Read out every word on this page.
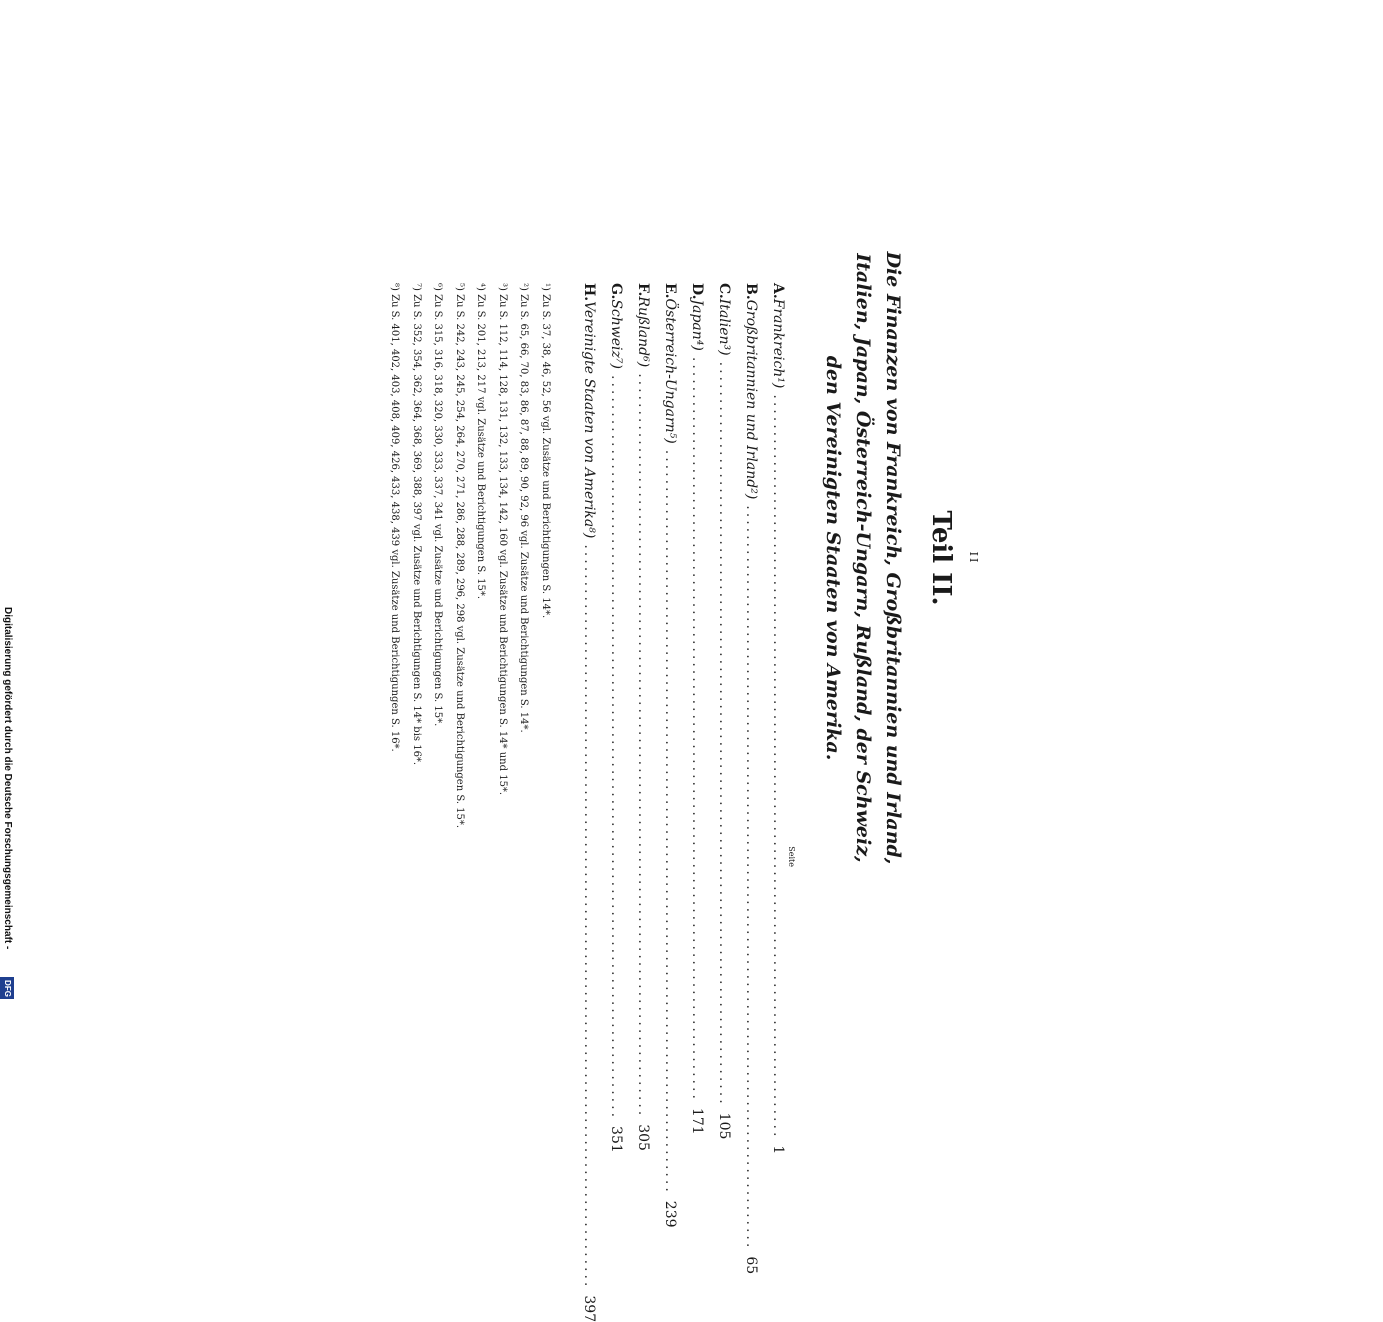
II
Teil II.
Die Finanzen von Frankreich, Großbritannien und Irland,
Italien, Japan, Österreich-Ungarn, Rußland, der Schweiz,
den Vereinigten Staaten von Amerika.
Seite
A.
Frankreich¹)
....................................................................................................
1
B.
Großbritannien und Irland²)
....................................................................................................
65
C.
Italien³)
....................................................................................................
105
D.
Japan⁴)
....................................................................................................
171
E.
Österreich-Ungarn⁵)
....................................................................................................
239
F.
Rußland⁶)
....................................................................................................
305
G.
Schweiz⁷)
....................................................................................................
351
H.
Vereinigte Staaten von Amerika⁸)
....................................................................................................
397
¹) Zu S. 37, 38, 46, 52, 56 vgl. Zusätze und Berichtigungen S. 14*.
²) Zu S. 65, 66, 70, 83, 86, 87, 88, 89, 90, 92, 96 vgl. Zusätze und Berichtigungen S. 14*.
³) Zu S. 112, 114, 128, 131, 132, 133, 134, 142, 160 vgl. Zusätze und Berichtigungen S. 14* und 15*.
⁴) Zu S. 201, 213, 217 vgl. Zusätze und Berichtigungen S. 15*.
⁵) Zu S. 242, 243, 245, 254, 264, 270, 271, 286, 288, 289, 296, 298 vgl. Zusätze und Berichtigungen S. 15*.
⁶) Zu S. 315, 316, 318, 320, 330, 333, 337, 341 vgl. Zusätze und Berichtigungen S. 15*.
⁷) Zu S. 352, 354, 362, 364, 368, 369, 388, 397 vgl. Zusätze und Berichtigungen S. 14* bis 16*.
⁸) Zu S. 401, 402, 403, 408, 409, 426, 433, 438, 439 vgl. Zusätze und Berichtigungen S. 16*.
Digitalisierung gefördert durch die Deutsche Forschungsgemeinschaft -
DFG
